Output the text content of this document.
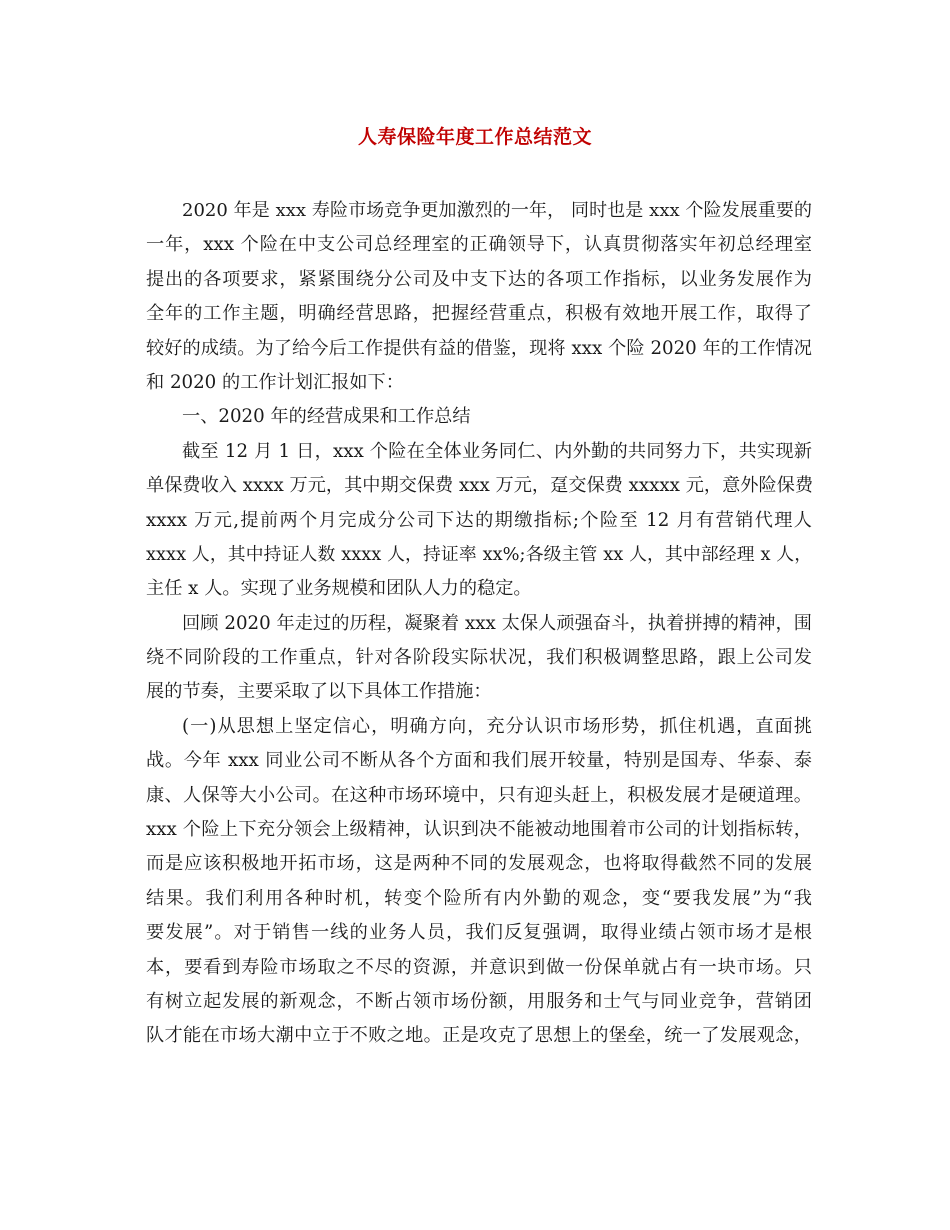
人寿保险年度工作总结范文
2020 年是 xxx 寿险市场竞争更加激烈的一年， 同时也是 xxx 个险发展重要的
一年，xxx 个险在中支公司总经理室的正确领导下，认真贯彻落实年初总经理室
提出的各项要求，紧紧围绕分公司及中支下达的各项工作指标，以业务发展作为
全年的工作主题，明确经营思路，把握经营重点，积极有效地开展工作，取得了
较好的成绩。为了给今后工作提供有益的借鉴，现将 xxx 个险 2020 年的工作情况
和 2020 的工作计划汇报如下：
一、2020 年的经营成果和工作总结
截至 12 月 1 日，xxx 个险在全体业务同仁、内外勤的共同努力下，共实现新
单保费收入 xxxx 万元，其中期交保费 xxx 万元，趸交保费 xxxxx 元，意外险保费
xxxx 万元,提前两个月完成分公司下达的期缴指标;个险至 12 月有营销代理人
xxxx 人，其中持证人数 xxxx 人，持证率 xx%;各级主管 xx 人，其中部经理 x 人，
主任 x 人。实现了业务规模和团队人力的稳定。
回顾 2020 年走过的历程，凝聚着 xxx 太保人顽强奋斗，执着拼搏的精神，围
绕不同阶段的工作重点，针对各阶段实际状况，我们积极调整思路，跟上公司发
展的节奏，主要采取了以下具体工作措施：
(一)从思想上坚定信心，明确方向，充分认识市场形势，抓住机遇，直面挑
战。今年 xxx 同业公司不断从各个方面和我们展开较量，特别是国寿、华泰、泰
康、人保等大小公司。在这种市场环境中，只有迎头赶上，积极发展才是硬道理。
xxx 个险上下充分领会上级精神，认识到决不能被动地围着市公司的计划指标转，
而是应该积极地开拓市场，这是两种不同的发展观念，也将取得截然不同的发展
结果。我们利用各种时机，转变个险所有内外勤的观念，变“要我发展”为“我
要发展”。对于销售一线的业务人员，我们反复强调，取得业绩占领市场才是根
本，要看到寿险市场取之不尽的资源，并意识到做一份保单就占有一块市场。只
有树立起发展的新观念，不断占领市场份额，用服务和士气与同业竞争，营销团
队才能在市场大潮中立于不败之地。正是攻克了思想上的堡垒，统一了发展观念，
